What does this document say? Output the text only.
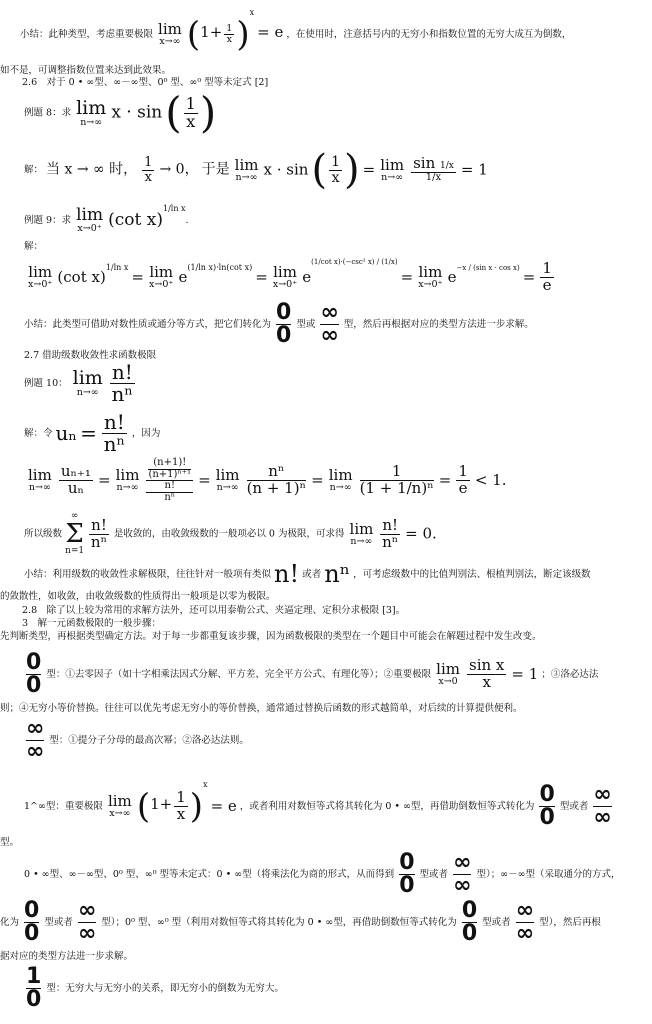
小结：此种类型，考虑重要极限 lim
x→∞ $(1+ \frac{1}{x} )^x = e$ ，在使用时，注意括号内的无穷小和指数位置的无穷大成互为倒数，
如不是，可调整指数位置来达到此效果。
2.6　对于 0 • ∞型、∞－∞型、0⁰ 型、∞⁰ 型等未定式 [2]
例题 8：求 lim
n→∞ x · sin ( $\frac{1}{x}$ )
解： 当 x → ∞ 时， $\frac{1}{x} \to 0$， 于是 lim
n→∞ x · sin ( $\frac{1}{x}$ ) = lim
n→∞
$\frac{\sin 1/x}{1/x} = 1$
例题 9：求 lim
x→0⁺ (cot x)$^{1/ln x}$.
解：
lim
x→0⁺ (cot x)$^{1/ln x}$ = lim
x→0⁺ $e^{(1/ln x)\cdot ln(cot x)} = \lim$
x→0⁺ $e^{(1/cot x)\cdot(-csc^2 x) / (1/x)} = \lim$
x→0⁺ $e^{-x / (sin x \cdot cos x)} = \frac{1}{e}$
小结：此类型可借助对数性质或通分等方式，把它们转化为 $\frac{0}{0}$ 型或 ∞
∞ 型，然后再根据对应的类型方法进一步求解。
2.7 借助级数收敛性求函数极限
例题 10： lim
n→∞
$\frac{n!}{\text{nⁿ}}$
解：令 $u_n = \frac{n!}{\text{nⁿ}}$ ，因为
lim
n→∞
$\frac{\text{uₙ₊₁}}{\text{uₙ}} = \lim$
n→∞
(n+1)!
(n+1)ⁿ⁺¹
n!
nⁿ = lim
n→∞
$\frac{\text{nⁿ}}{\text{(n + 1)ⁿ}} = \lim$
n→∞
$\frac{1}{\text{(1 + 1/n)ⁿ}} = \frac{1}{e} < 1$.
所以级数
∞
Σ
n=1

$\frac{n!}{\text{nⁿ}}$ 是收敛的，由收敛级数的一般项必以 0 为极限，可求得 lim
n→∞
$\frac{n!}{\text{nⁿ}} = 0$.
小结：利用级数的收敛性求解极限，往往针对一般项有类似 n! 或者 nⁿ ，可考虑级数中的比值判别法、根植判别法，断定该级数
的敛散性，如收敛，由收敛级数的性质得出一般项是以零为极限。
2.8　除了以上较为常用的求解方法外，还可以用泰勒公式、夹逼定理、定积分求极限 [3]。
3　解一元函数极限的一般步骤：
先判断类型，再根据类型确定方法。对于每一步都重复该步骤，因为函数极限的类型在一个题目中可能会在解题过程中发生改变。
$\frac{0}{0}$ 型：①去零因子（如十字相乘法因式分解、平方差、完全平方公式、有理化等）；②重要极限 lim
x→0
$\frac{\text{sin x}}{x} = 1$ ；③洛必达法
则；④无穷小等价替换。往往可以优先考虑无穷小的等价替换，通常通过替换后函数的形式越简单，对后续的计算提供便利。
∞
∞ 型：①提分子分母的最高次幂；②洛必达法则。
1^∞型：重要极限 lim
x→∞ $(1+ \frac{1}{x} )^x = e$ ，或者利用对数恒等式将其转化为 0 • ∞型，再借助倒数恒等式转化为 $\frac{0}{0}$ 型或者 ∞
∞
型。
0 • ∞型、∞－∞型、0⁰ 型、∞⁰ 型等未定式：0 • ∞型（将乘法化为商的形式，从而得到 $\frac{0}{0}$ 型或者 ∞
∞ 型）；∞－∞型（采取通分的方式，
化为 $\frac{0}{0}$ 型或者 ∞
∞ 型）；0⁰ 型、∞⁰ 型（利用对数恒等式将其转化为 0 • ∞型，再借助倒数恒等式转化为 $\frac{0}{0}$ 型或者 ∞
∞ 型），然后再根
据对应的类型方法进一步求解。
$\frac{1}{0}$ 型：无穷大与无穷小的关系，即无穷小的倒数为无穷大。
